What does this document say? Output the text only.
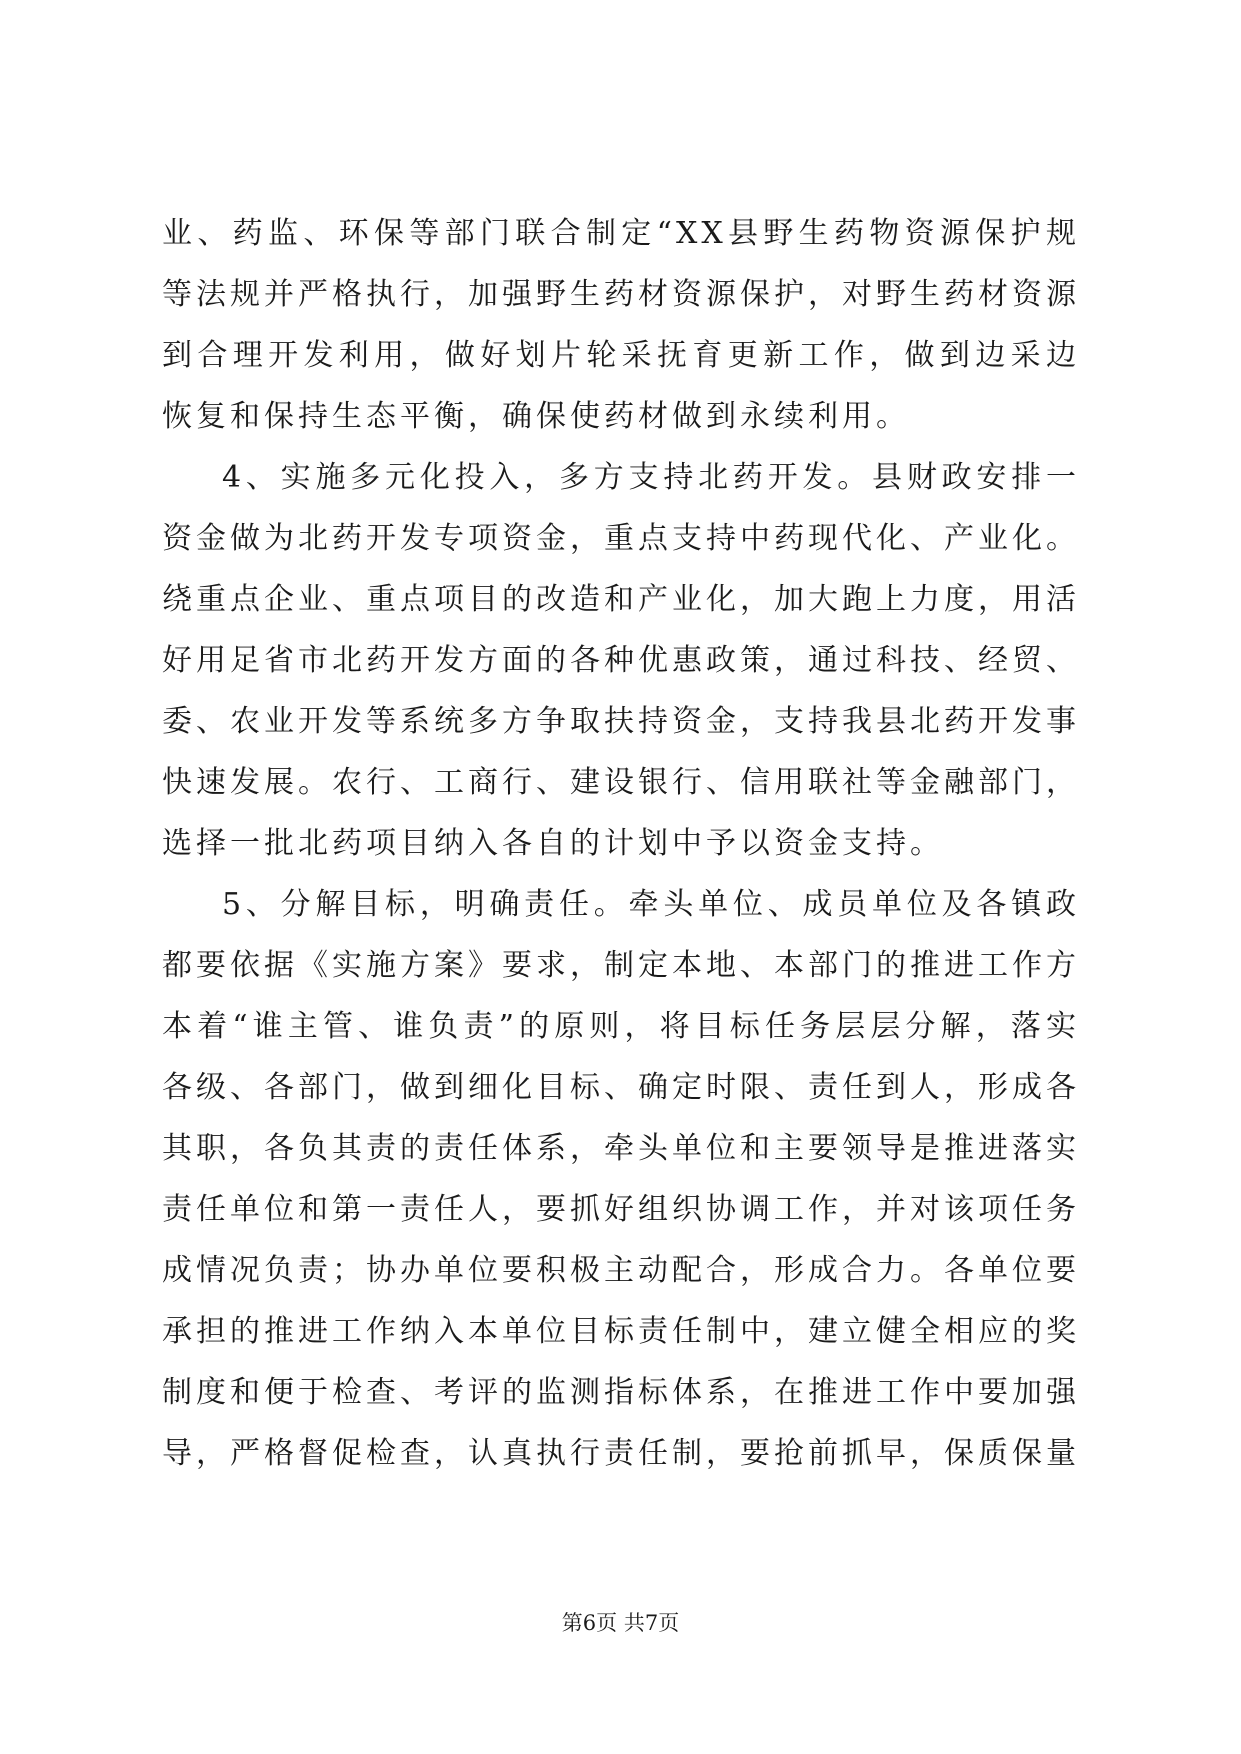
业、药监、环保等部门联合制定“XX县野生药物资源保护规
等法规并严格执行，加强野生药材资源保护，对野生药材资源
到合理开发利用，做好划片轮采抚育更新工作，做到边采边
恢复和保持生态平衡，确保使药材做到永续利用。
4、实施多元化投入，多方支持北药开发。县财政安排一
资金做为北药开发专项资金，重点支持中药现代化、产业化。
绕重点企业、重点项目的改造和产业化，加大跑上力度，用活
好用足省市北药开发方面的各种优惠政策，通过科技、经贸、
委、农业开发等系统多方争取扶持资金，支持我县北药开发事
快速发展。农行、工商行、建设银行、信用联社等金融部门，
选择一批北药项目纳入各自的计划中予以资金支持。
5、分解目标，明确责任。牵头单位、成员单位及各镇政
都要依据《实施方案》要求，制定本地、本部门的推进工作方
本着“谁主管、谁负责”的原则，将目标任务层层分解，落实
各级、各部门，做到细化目标、确定时限、责任到人，形成各
其职，各负其责的责任体系，牵头单位和主要领导是推进落实
责任单位和第一责任人，要抓好组织协调工作，并对该项任务
成情况负责；协办单位要积极主动配合，形成合力。各单位要
承担的推进工作纳入本单位目标责任制中，建立健全相应的奖
制度和便于检查、考评的监测指标体系，在推进工作中要加强
导，严格督促检查，认真执行责任制，要抢前抓早，保质保量
第6页 共7页
